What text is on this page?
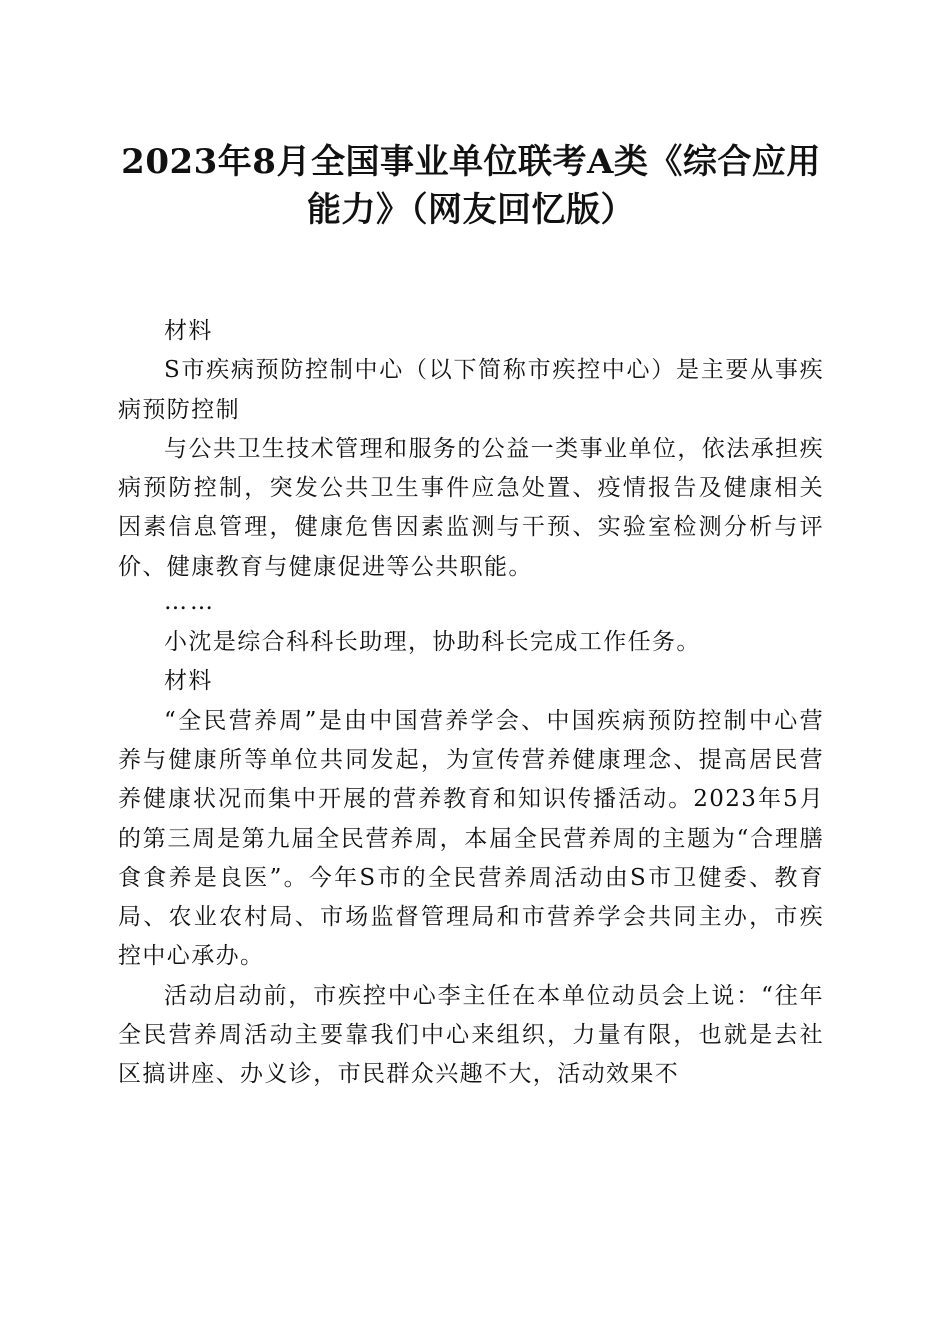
2023年8月全国事业单位联考A类《综合应用能力》（网友回忆版）

材料

S市疾病预防控制中心（以下简称市疾控中心）是主要从事疾病预防控制

与公共卫生技术管理和服务的公益一类事业单位，依法承担疾病预防控制，突发公共卫生事件应急处置、疫情报告及健康相关因素信息管理，健康危售因素监测与干预、实验室检测分析与评价、健康教育与健康促进等公共职能。

……

小沈是综合科科长助理，协助科长完成工作任务。

材料

“全民营养周”是由中国营养学会、中国疾病预防控制中心营养与健康所等单位共同发起，为宣传营养健康理念、提高居民营养健康状况而集中开展的营养教育和知识传播活动。2023年5月的第三周是第九届全民营养周，本届全民营养周的主题为“合理膳食食养是良医”。今年S市的全民营养周活动由S市卫健委、教育局、农业农村局、市场监督管理局和市营养学会共同主办，市疾控中心承办。

活动启动前，市疾控中心李主任在本单位动员会上说：“往年全民营养周活动主要靠我们中心来组织，力量有限，也就是去社区搞讲座、办义诊，市民群众兴趣不大，活动效果不
